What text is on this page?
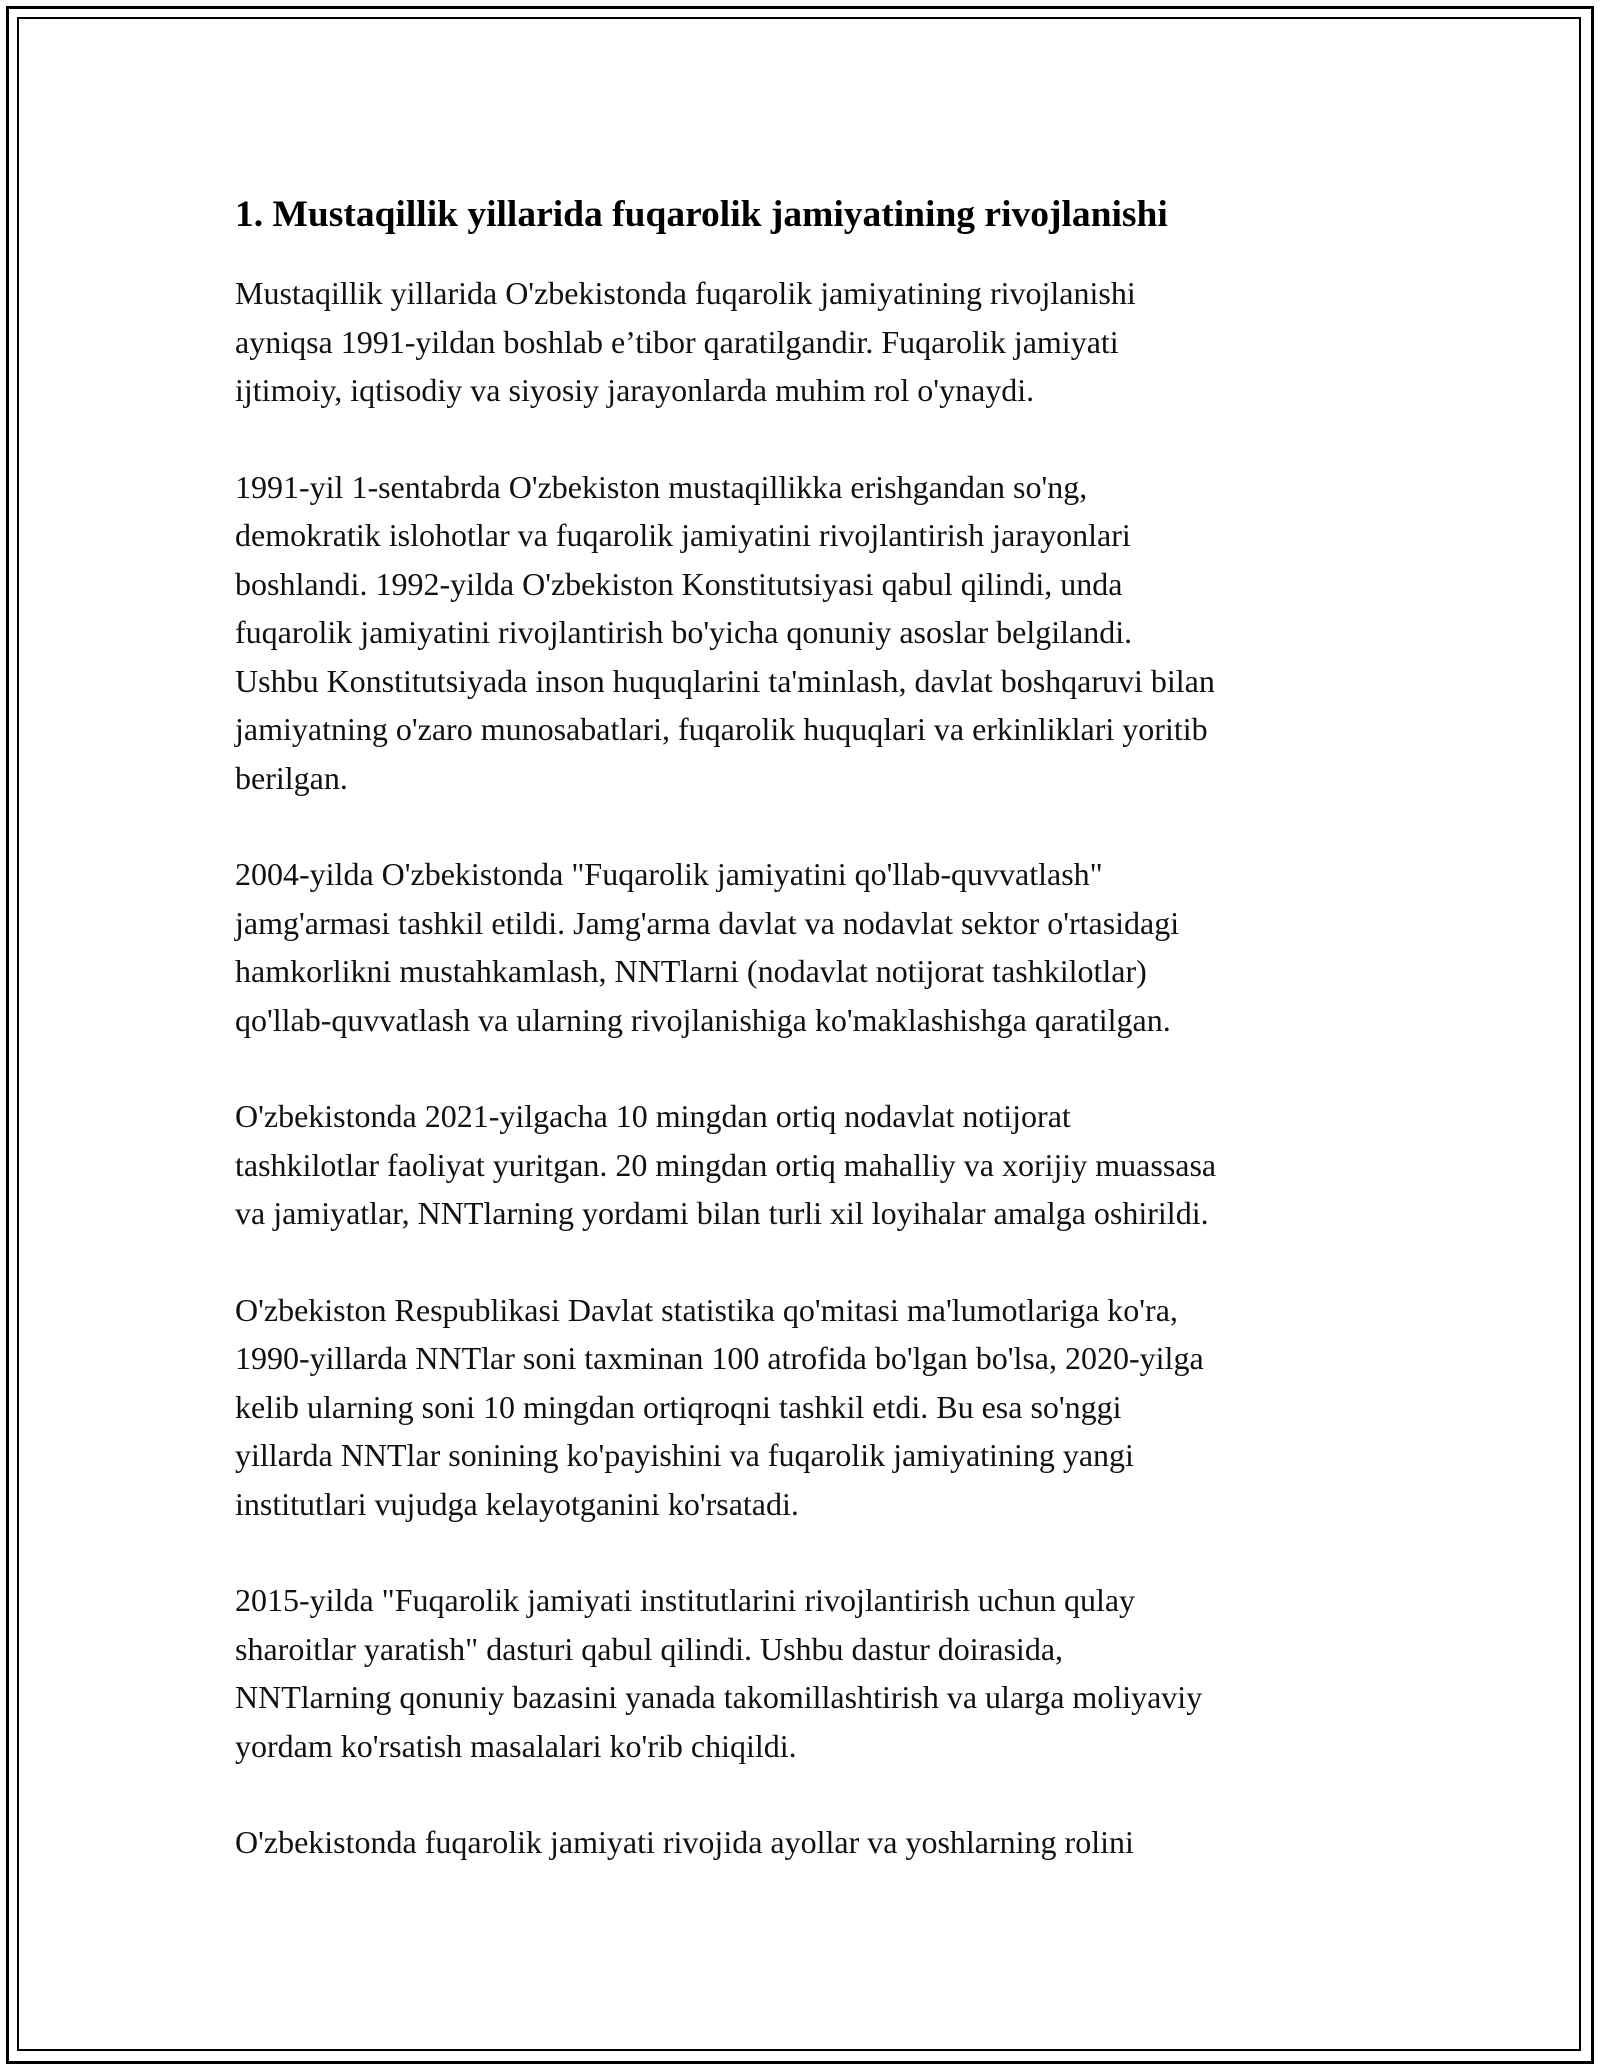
1. Mustaqillik yillarida fuqarolik jamiyatining rivojlanishi

Mustaqillik yillarida O'zbekistonda fuqarolik jamiyatining rivojlanishi
ayniqsa 1991-yildan boshlab e’tibor qaratilgandir. Fuqarolik jamiyati
ijtimoiy, iqtisodiy va siyosiy jarayonlarda muhim rol o'ynaydi.

1991-yil 1-sentabrda O'zbekiston mustaqillikka erishgandan so'ng,
demokratik islohotlar va fuqarolik jamiyatini rivojlantirish jarayonlari
boshlandi. 1992-yilda O'zbekiston Konstitutsiyasi qabul qilindi, unda
fuqarolik jamiyatini rivojlantirish bo'yicha qonuniy asoslar belgilandi.
Ushbu Konstitutsiyada inson huquqlarini ta'minlash, davlat boshqaruvi bilan
jamiyatning o'zaro munosabatlari, fuqarolik huquqlari va erkinliklari yoritib
berilgan.

2004-yilda O'zbekistonda "Fuqarolik jamiyatini qo'llab-quvvatlash"
jamg'armasi tashkil etildi. Jamg'arma davlat va nodavlat sektor o'rtasidagi
hamkorlikni mustahkamlash, NNTlarni (nodavlat notijorat tashkilotlar)
qo'llab-quvvatlash va ularning rivojlanishiga ko'maklashishga qaratilgan.

O'zbekistonda 2021-yilgacha 10 mingdan ortiq nodavlat notijorat
tashkilotlar faoliyat yuritgan. 20 mingdan ortiq mahalliy va xorijiy muassasa
va jamiyatlar, NNTlarning yordami bilan turli xil loyihalar amalga oshirildi.

O'zbekiston Respublikasi Davlat statistika qo'mitasi ma'lumotlariga ko'ra,
1990-yillarda NNTlar soni taxminan 100 atrofida bo'lgan bo'lsa, 2020-yilga
kelib ularning soni 10 mingdan ortiqroqni tashkil etdi. Bu esa so'nggi
yillarda NNTlar sonining ko'payishini va fuqarolik jamiyatining yangi
institutlari vujudga kelayotganini ko'rsatadi.

2015-yilda "Fuqarolik jamiyati institutlarini rivojlantirish uchun qulay
sharoitlar yaratish" dasturi qabul qilindi. Ushbu dastur doirasida,
NNTlarning qonuniy bazasini yanada takomillashtirish va ularga moliyaviy
yordam ko'rsatish masalalari ko'rib chiqildi.

O'zbekistonda fuqarolik jamiyati rivojida ayollar va yoshlarning rolini
